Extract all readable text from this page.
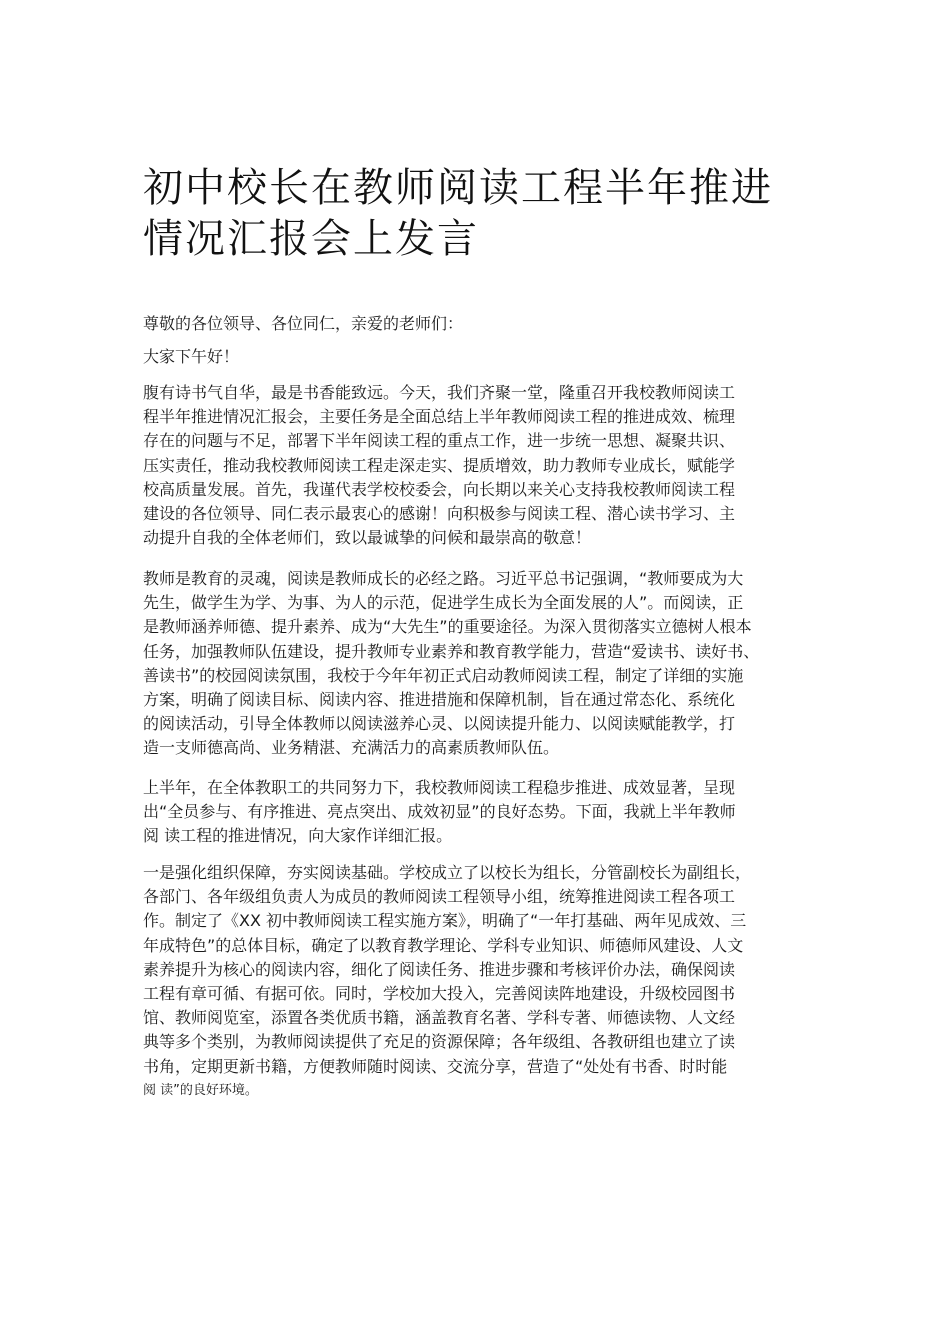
初中校长在教师阅读工程半年推进
情况汇报会上发言

尊敬的各位领导、各位同仁，亲爱的老师们：

大家下午好！

腹有诗书气自华，最是书香能致远。今天，我们齐聚一堂，隆重召开我校教师阅读工
程半年推进情况汇报会，主要任务是全面总结上半年教师阅读工程的推进成效、梳理
存在的问题与不足，部署下半年阅读工程的重点工作，进一步统一思想、凝聚共识、
压实责任，推动我校教师阅读工程走深走实、提质增效，助力教师专业成长，赋能学
校高质量发展。首先，我谨代表学校校委会，向长期以来关心支持我校教师阅读工程
建设的各位领导、同仁表示最衷心的感谢！向积极参与阅读工程、潜心读书学习、主
动提升自我的全体老师们，致以最诚挚的问候和最崇高的敬意！

教师是教育的灵魂，阅读是教师成长的必经之路。习近平总书记强调，“教师要成为大
先生，做学生为学、为事、为人的示范，促进学生成长为全面发展的人”。而阅读，正
是教师涵养师德、提升素养、成为“大先生”的重要途径。为深入贯彻落实立德树人根本
任务，加强教师队伍建设，提升教师专业素养和教育教学能力，营造“爱读书、读好书、
善读书”的校园阅读氛围，我校于今年年初正式启动教师阅读工程，制定了详细的实施
方案，明确了阅读目标、阅读内容、推进措施和保障机制，旨在通过常态化、系统化
的阅读活动，引导全体教师以阅读滋养心灵、以阅读提升能力、以阅读赋能教学，打
造一支师德高尚、业务精湛、充满活力的高素质教师队伍。

上半年，在全体教职工的共同努力下，我校教师阅读工程稳步推进、成效显著，呈现
出“全员参与、有序推进、亮点突出、成效初显”的良好态势。下面，我就上半年教师
阅 读工程的推进情况，向大家作详细汇报。

一是强化组织保障，夯实阅读基础。学校成立了以校长为组长，分管副校长为副组长，
各部门、各年级组负责人为成员的教师阅读工程领导小组，统筹推进阅读工程各项工
作。制定了《XX 初中教师阅读工程实施方案》，明确了“一年打基础、两年见成效、三
年成特色”的总体目标，确定了以教育教学理论、学科专业知识、师德师风建设、人文
素养提升为核心的阅读内容，细化了阅读任务、推进步骤和考核评价办法，确保阅读
工程有章可循、有据可依。同时，学校加大投入，完善阅读阵地建设，升级校园图书
馆、教师阅览室，添置各类优质书籍，涵盖教育名著、学科专著、师德读物、人文经
典等多个类别，为教师阅读提供了充足的资源保障；各年级组、各教研组也建立了读
书角，定期更新书籍，方便教师随时阅读、交流分享，营造了“处处有书香、时时能
阅 读”的良好环境。
